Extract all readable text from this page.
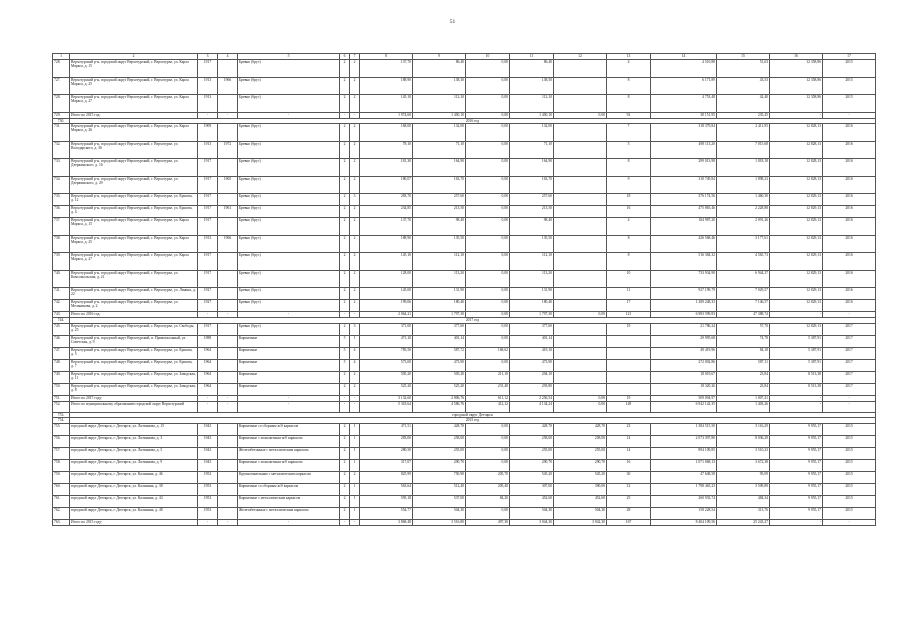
51
1	2	3	4	5	6	7	8	9	10	11	12	13	14	15	16	17
728.	Верхотурский р-н, городской округ Верхотурский, г. Верхотурье, ул. Карла Маркса, д. 15	1917		Бревно (брус)	2	2	137,70	86,40	0,00	86,40		4	4 510,88	51,63	12 358,86	2015
727.	Верхотурский р-н, городской округ Верхотурский, г. Верхотурье, ул. Карла Маркса, д. 25	1913	1966	Бревно (брус)	2	2	188,90	138,30	0,00	138,50		8	6 171,89	43,53	12 358,86	2015
728.	Верхотурский р-н, городской округ Верхотурский, г. Верхотурье, ул. Карла Маркса, д. 27	1913		Бревно (брус)	2	2	145,10	112,10	0,00	112,10		8	4 753,48	42,40	12 358,86	2015
729.	Итого по 2015 год:	-	-	-	-	-	1 974,60	1 450,10	0,00	1 450,10	0,00	92	38 151,95	235,45	-	-
730.	2016 год															
731.	Верхотурский р-н, городской округ Верхотурский, г. Верхотурье, ул. Карла Маркса, д. 26	1909		Бревно (брус)	2	2	168,00	132,00	0,00	132,00		7	318 379,84	2 411,95	12 828,13	2016
732.	Верхотурский р-н, городской округ Верхотурский, г. Верхотурье, ул. Володарского, д. 36	1913	1972	Бревно (брус)	2	2	78,10	71,10	0,00	71,10		5	498 113,20	7 015,68	12 828,13	2016
733.	Верхотурский р-н, городской округ Верхотурский, г. Верхотурье, ул. Дзержинского, д. 16	1917		Бревно (брус)	2	2	181,30	164,90	0,00	164,90		8	299 013,98	1 818,18	12 828,13	2016
734.	Верхотурский р-н, городской округ Верхотурский, г. Верхотурье, ул. Дзержинского, д. 29	1917	1965	Бревно (брус)	2	2	180,07	163,70	0,00	163,70		9	310 749,84	1 898,23	12 828,13	2016
735.	Верхотурский р-н, городской округ Верхотурский, г. Верхотурье, ул. Ершова, д. 12	1917		Бревно (брус)	2	3	283,70	257,60	0,00	257,60		18	376 174,56	1 460,30	12 829,13	2016
736.	Верхотурский р-н, городской округ Верхотурский, г. Верхотурье, ул. Ершова, д. 4	1917	1961	Бревно (брус)	2	2	234,85	213,50	0,00	213,50		16	475 865,46	2 228,88	12 829,13	2016
737.	Верхотурский р-н, городской округ Верхотурский, г. Верхотурье, ул. Карла Маркса, д. 15	1917		Бревно (брус)	2	2	137,70	98,40	0,00	98,40		4	184 987,20	2 091,26	12 829,13	2016
738.	Верхотурский р-н, городской округ Верхотурский, г. Верхотурье, ул. Карла Маркса, д. 25	1913	1966	Бревно (брус)	2	2	188,90	135,50	0,00	135,50		8	426 568,46	3 177,61	12 829,13	2016
739.	Верхотурский р-н, городской округ Верхотурский, г. Верхотурье, ул. Карла Маркса, д. 27	1917		Бревно (брус)	2	2	145,10	112,10	0,00	112,10		8	516 384,32	4 565,73	12 829,13	2016
740.	Верхотурский р-н, городской округ Верхотурский, г. Верхотурье, ул. Комсомольская, д. 21	1917		Бревно (брус)	2	2	128,00	113,20	0,00	113,20		10	733 934,90	6 944,37	12 829,13	2016
741.	Верхотурский р-н, городской округ Верхотурский, г. Верхотурье, ул. Ленина, д. 22	1927		Бревно (брус)	2	2	145,00	131,90	0,00	131,90		11	927 199,79	7 029,57	12 829,13	2016
742.	Верхотурский р-н, городской округ Верхотурский, г. Верхотурье, ул. Мельникова, д. 2	1927		Бревно (брус)	2	2	199,06	180,40	0,00	180,40		17	1 289 248,33	7 146,57	12 829,13	2016
743.	Итого по 2016 год:	-	-	-	-	-	2 064,21	1 797,30	0,00	1 797,30	0,00	121	6 983 599,83	47 388,74	-	-
744.	2017 год															
745.	Верхотурский р-н, городской округ Верхотурский, г. Верхотурье, ул. Свободы, д. 25	1917		Бревно (брус)	2	3	371,00	377,60	0,00	377,60		19	21 786,24	57,70	12 829,13	2017
746.	Верхотурский р-н, городской округ Верхотурский, п. Привокзальный, ул. Советская, д. 9	1988		Кирпичные	5	1	471,10	401,14	0,00	401,14			29 995,68	74,78	5 387,91	2017
747.	Верхотурский р-н, городской округ Верхотурский, г. Верхотурье, ул. Ершова, д. 5	1964		Кирпичные	5	4	785,50	587,72	168,62	419,10			49 419,96	84,18	5 387,91	2017
748.	Верхотурский р-н, городской округ Верхотурский, г. Верхотурье, ул. Ершова, д. 7	1964		Кирпичные	5	4	573,00	473,90	0,00	473,90			272 002,86	587,11	5 387,91	2017
749.	Верхотурский р-н, городской округ Верхотурский, г. Верхотурье, ул. Заводская, д. 11	1964		Кирпичные	2	2	505,20	505,20	211,10	294,10			18 019,67	23,84	8 513,38	2017
750.	Верхотурский р-н, городской округ Верхотурский, г. Верхотурье, ул. Заводская, д. 8	1964		Кирпичные	2	2	525,20	525,20	231,40	293,80			18 320,26	23,84	8 513,38	2017
751.	Итого по 2017 году:	-	-	-	-	-	3 132,60	2 806,76	611,12	2 256,54	0,00	19	509 094,97	1 007,41	-	-
752.	Итого по муниципальному образованию городской округ Верхотурский	-	-	-	-	-	5 318,64	4 586,76	412,12	4 134,24	0,00	149	6 942 142,35	1 403,26	-	-
753.	городской округ Дегтярск															
754.	2015 год															
755.	городской округ Дегтярск, г. Дегтярск, ул. Литвинова, д. 15	1943		Кирпичные со сборным ж/б каркасом	2	1	471,51	428,70	0,00	428,70	428,70	23	1 384 515,50	3 116,29	9 955,17	2015
756.	городской округ Дегтярск, г. Дегтярск, ул. Литвинова, д. 3	1943		Кирпичные с монолитным ж/б каркасом	2	1	283,00	258,00	0,00	258,00	258,00	14	2 073 397,80	8 036,29	9 955,17	2015
757.	городской округ Дегтярск, г. Дегтярск, ул. Литвинова, д. 5	1943		Железобетонные с металлическим каркасом	2	1	280,50	255,00	0,00	255,00	255,00	14	894 109,85	3 510,23	9 955,17	2015
758.	городской округ Дегтярск, г. Дегтярск, ул. Литвинова, д. 9	1943		Кирпичные с монолитным ж/б каркасом	2	1	317,07	290,70	0,00	290,70	290,70	16	1 071 068,13	3 672,38	9 955,17	2015
759.	городской округ Дегтярск, г. Дегтярск, ул. Калинина, д. 46	1952		Крупнопанельные с металлическим каркасом	2	2	825,99	750,90	205,70	545,20	545,20	30	47 648,58	95,09	9 955,17	2015
760.	городской округ Дегтярск, г. Дегтярск, ул. Калинина, д. 38	1953		Кирпичные со сборным ж/б каркасом	2	1	563,64	512,40	205,40	307,00	390,00	12	1 798 465,23	3 509,89	9 955,17	2015
761.	городской округ Дегтярск, г. Дегтярск, ул. Калинина, д. 43	1953		Кирпичные с металлическим каркасом	2	1	595,18	537,00	84,20	452,60	452,60	25	260 933,74	484,34	9 955,17	2015
762.	городской округ Дегтярск, г. Дегтярск, ул. Калинина, д. 48	1953		Железобетонные с металлическим каркасом	2	1	554,77	504,30	0,00	504,30	504,30	28	158 228,54	313,76	9 955,17	2015
763.	Итого по 2015 году:	-	-	-	-	-	3 868,48	3 516,80	497,30	3 044,30	3 042,30	167	8 404 109,56	25 243,27	-	-
